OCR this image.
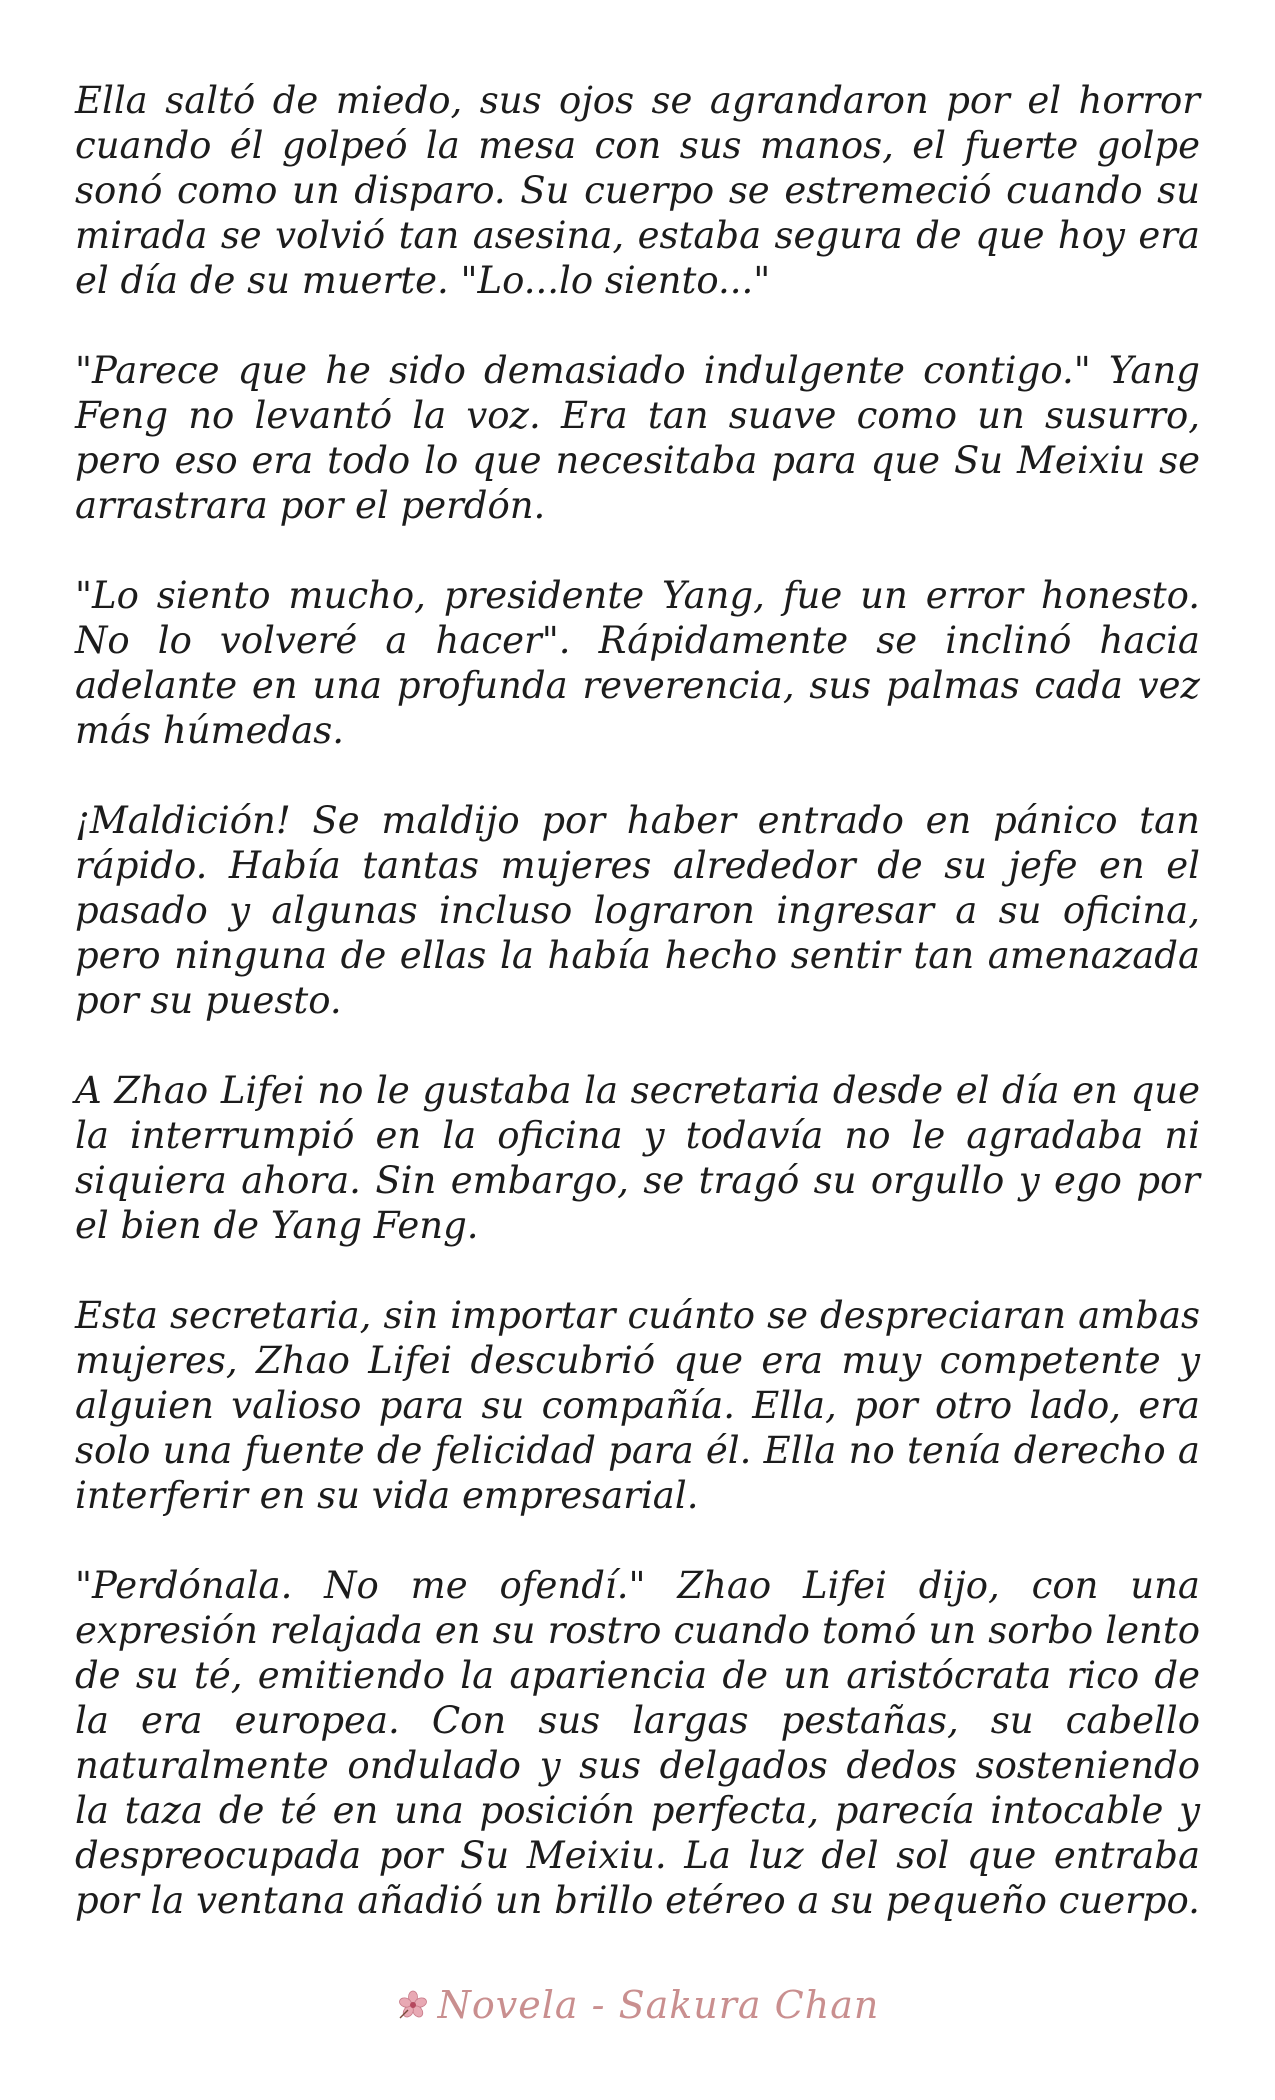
Ella saltó de miedo, sus ojos se agrandaron por el horror cuando él golpeó la mesa con sus manos, el fuerte golpe sonó como un disparo. Su cuerpo se estremeció cuando su mirada se volvió tan asesina, estaba segura de que hoy era el día de su muerte. "Lo...lo siento..."

"Parece que he sido demasiado indulgente contigo." Yang Feng no levantó la voz. Era tan suave como un susurro, pero eso era todo lo que necesitaba para que Su Meixiu se arrastrara por el perdón.

"Lo siento mucho, presidente Yang, fue un error honesto. No lo volveré a hacer". Rápidamente se inclinó hacia adelante en una profunda reverencia, sus palmas cada vez más húmedas.

¡Maldición! Se maldijo por haber entrado en pánico tan rápido. Había tantas mujeres alrededor de su jefe en el pasado y algunas incluso lograron ingresar a su oficina, pero ninguna de ellas la había hecho sentir tan amenazada por su puesto.

A Zhao Lifei no le gustaba la secretaria desde el día en que la interrumpió en la oficina y todavía no le agradaba ni siquiera ahora. Sin embargo, se tragó su orgullo y ego por el bien de Yang Feng.

Esta secretaria, sin importar cuánto se despreciaran ambas mujeres, Zhao Lifei descubrió que era muy competente y alguien valioso para su compañía. Ella, por otro lado, era solo una fuente de felicidad para él. Ella no tenía derecho a interferir en su vida empresarial.

"Perdónala. No me ofendí." Zhao Lifei dijo, con una expresión relajada en su rostro cuando tomó un sorbo lento de su té, emitiendo la apariencia de un aristócrata rico de la era europea. Con sus largas pestañas, su cabello naturalmente ondulado y sus delgados dedos sosteniendo la taza de té en una posición perfecta, parecía intocable y despreocupada por Su Meixiu. La luz del sol que entraba por la ventana añadió un brillo etéreo a su pequeño cuerpo.

Novela - Sakura Chan
